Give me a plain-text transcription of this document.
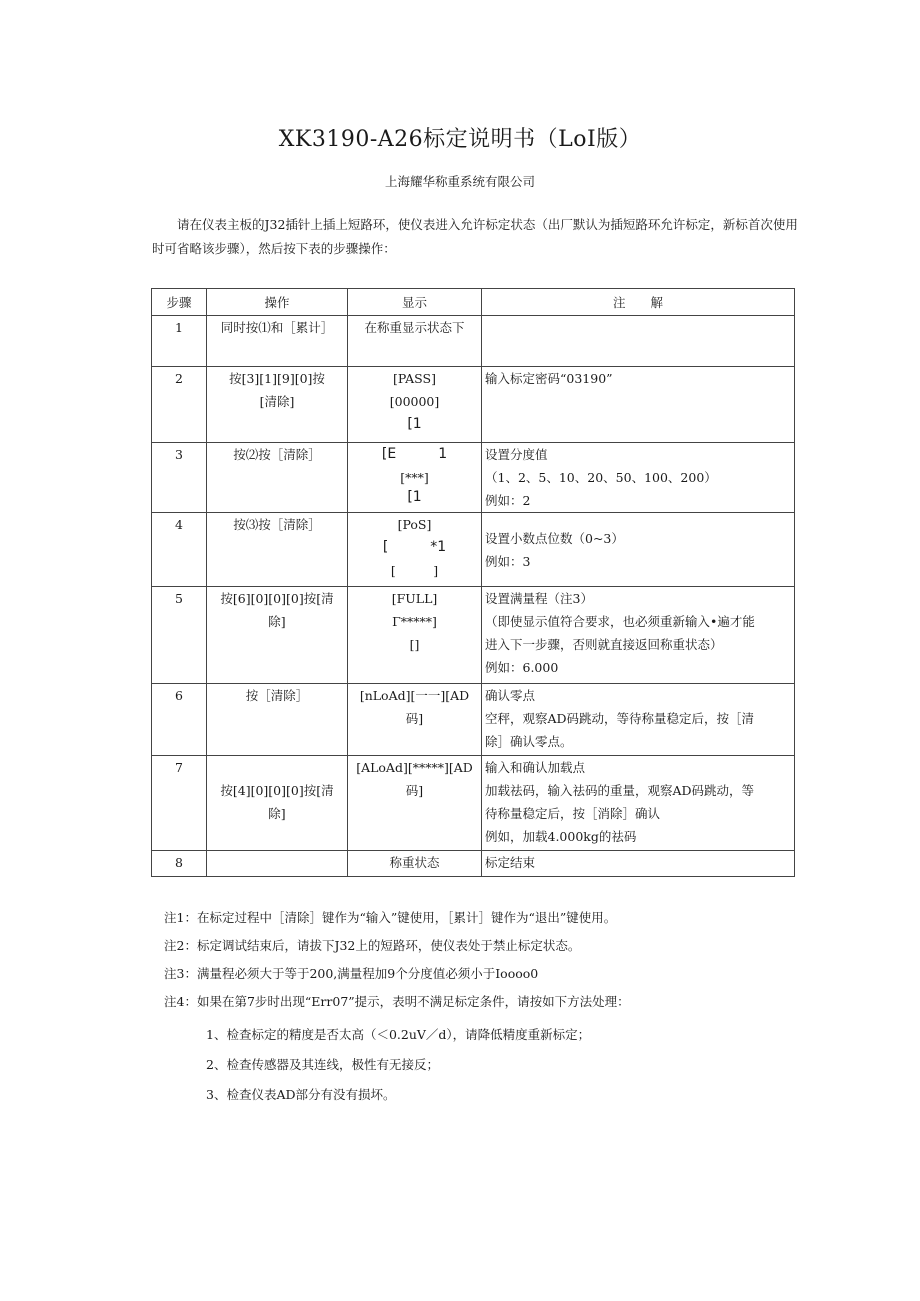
XK3190-A26标定说明书（LoI版）
上海耀华称重系统有限公司

请在仪表主板的J32插针上插上短路环，使仪表进入允许标定状态（出厂默认为插短路环允许标定，新标首次使用时可省略该步骤），然后按下表的步骤操作：

步骤	操作	显示	注　　解
1	同时按⑴和［累计］	在称重显示状态下	

2	按[3][1][9][0]按
[清除]	[PASS]
[00000]
[1	输入标定密码“03190”

3	按⑵按［清除］	[E　　　1
[***]
[1	设置分度值
（1、2、5、10、20、50、100、200）
例如：2

4	按⑶按［清除］	[PoS]
[　　　*1
[　　　]	设置小数点位数（0~3）
例如：3

5	按[6][0][0][0]按[清
除]	[FULL]
Γ*****]
[]	设置满量程（注3）
（即使显示值符合要求，也必须重新输入•遍才能
进入下一步骤，否则就直接返回称重状态）
例如：6.000

6	按［清除］	[nLoAd][一一][AD
码]	确认零点
空秤，观察AD码跳动，等待称量稳定后，按［清
除］确认零点。

7	按[4][0][0][0]按[清
除]	[ALoAd][*****][AD
码]	输入和确认加载点
加载祛码，输入祛码的重量，观察AD码跳动，等
待称量稳定后，按［消除］确认
例如，加载4.000kg的祛码

8		称重状态	标定结束
注1：在标定过程中［清除］键作为“输入”键使用，［累计］键作为“退出”键使用。
注2：标定调试结束后，请拔下J32上的短路环，使仪表处于禁止标定状态。
注3：满量程必须大于等于200,满量程加9个分度值必须小于Ioooo0
注4：如果在第7步时出现“Err07”提示，表明不满足标定条件，请按如下方法处理：
1、检查标定的精度是否太高（＜0.2uV／d），请降低精度重新标定；
2、检查传感器及其连线，极性有无接反；
3、检查仪表AD部分有没有损坏。
